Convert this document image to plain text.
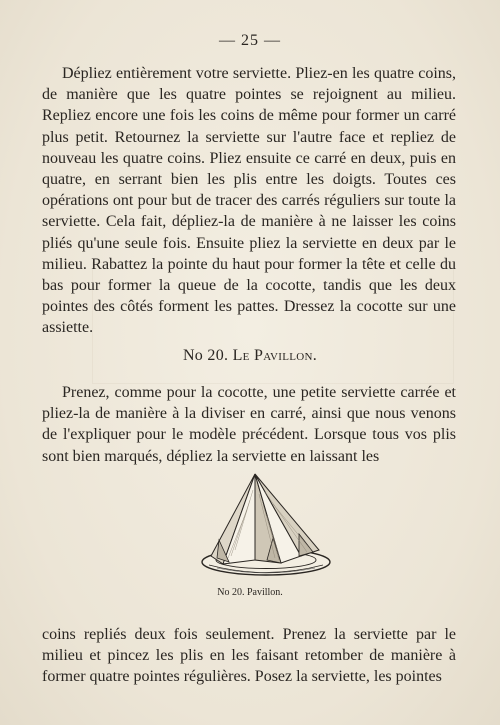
— 25 —

Dépliez entièrement votre serviette. Pliez-en les quatre coins, de manière que les quatre pointes se rejoignent au milieu. Repliez encore une fois les coins de même pour former un carré plus petit. Retournez la serviette sur l'autre face et repliez de nouveau les quatre coins. Pliez ensuite ce carré en deux, puis en quatre, en serrant bien les plis entre les doigts. Toutes ces opérations ont pour but de tracer des carrés réguliers sur toute la serviette. Cela fait, dépliez-la de manière à ne laisser les coins pliés qu'une seule fois. Ensuite pliez la serviette en deux par le milieu. Rabattez la pointe du haut pour former la tête et celle du bas pour former la queue de la cocotte, tandis que les deux pointes des côtés forment les pattes. Dressez la cocotte sur une assiette.

No 20. Le Pavillon.

Prenez, comme pour la cocotte, une petite serviette carrée et pliez-la de manière à la diviser en carré, ainsi que nous venons de l'expliquer pour le modèle précédent. Lorsque tous vos plis sont bien marqués, dépliez la serviette en laissant les

No 20. Pavillon.

coins repliés deux fois seulement. Prenez la serviette par le milieu et pincez les plis en les faisant retomber de manière à former quatre pointes régulières. Posez la serviette, les pointes
